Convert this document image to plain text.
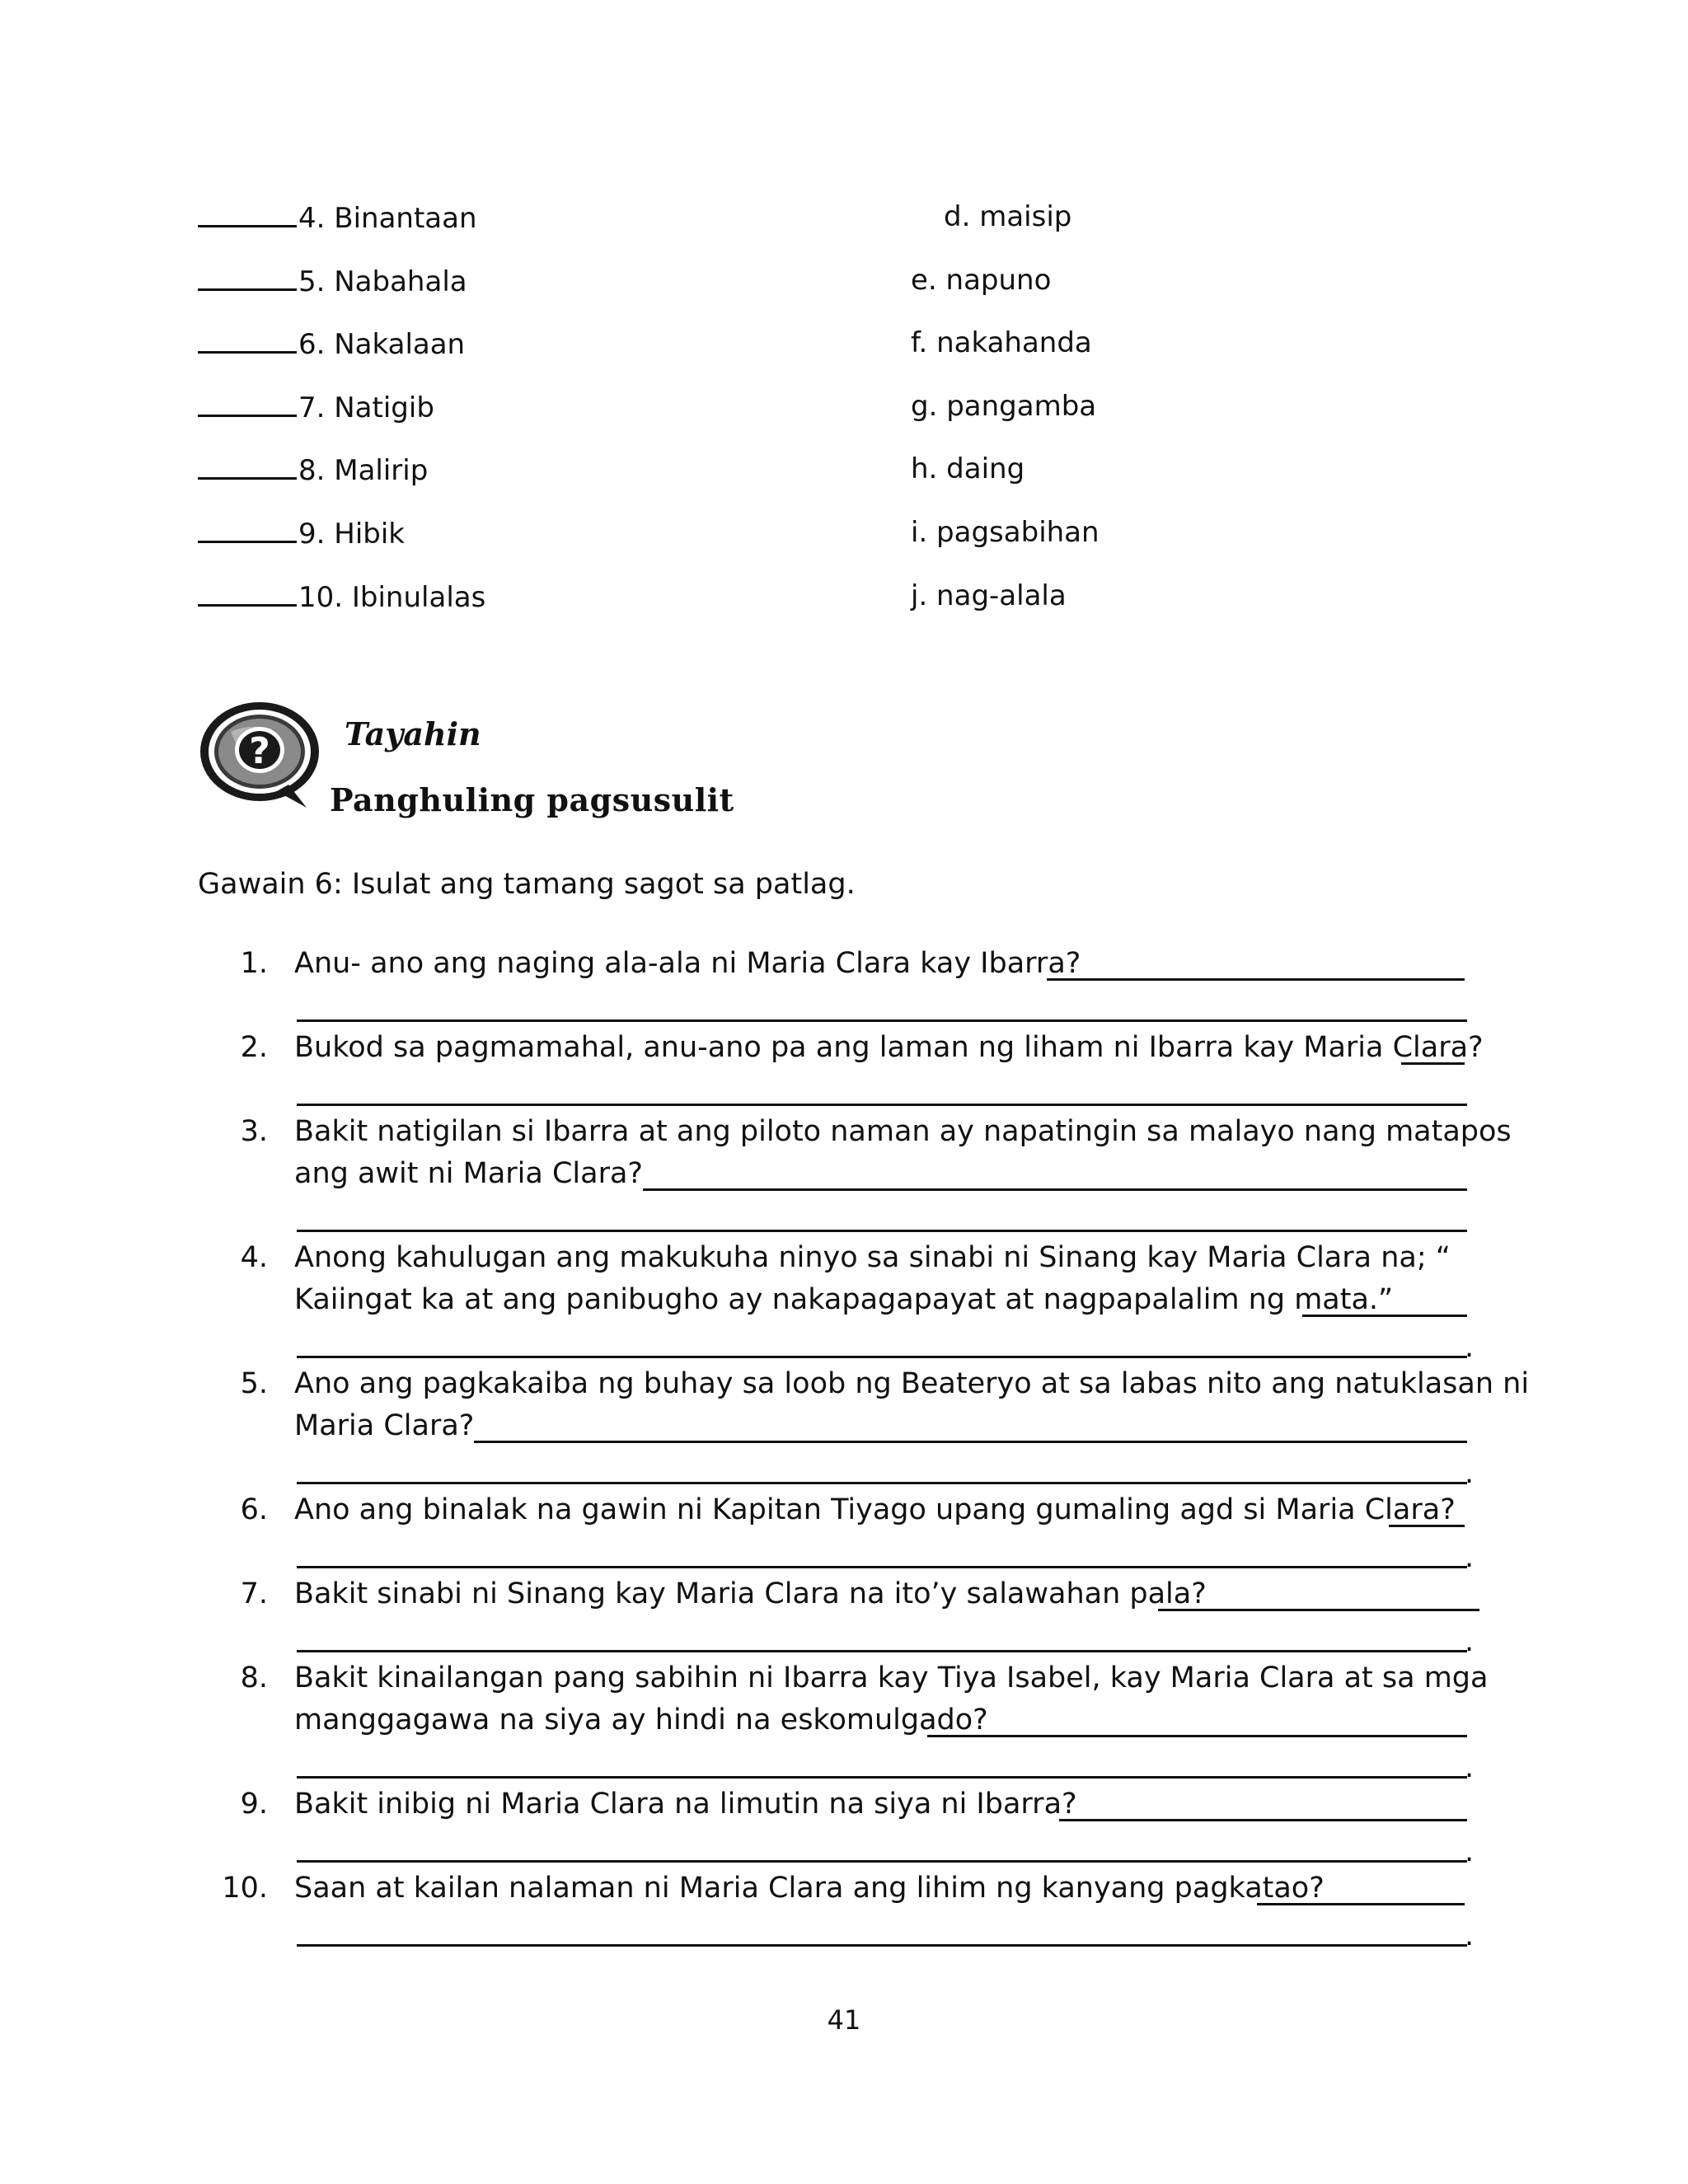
4. Binantaan
5. Nabahala
6. Nakalaan
7. Natigib
8. Malirip
9. Hibik
10. Ibinulalas
d. maisip
e. napuno
f. nakahanda
g. pangamba
h. daing
i. pagsabihan
j. nag-alala
? Tayahin
Panghuling pagsusulit
Gawain 6: Isulat ang tamang sagot sa patlag.
1. Anu- ano ang naging ala-ala ni Maria Clara kay Ibarra?
2. Bukod sa pagmamahal, anu-ano pa ang laman ng liham ni Ibarra kay Maria Clara?
3. Bakit natigilan si Ibarra at ang piloto naman ay napatingin sa malayo nang matapos
ang awit ni Maria Clara?
4. Anong kahulugan ang makukuha ninyo sa sinabi ni Sinang kay Maria Clara na; “
Kaiingat ka at ang panibugho ay nakapagapayat at nagpapalalim ng mata.”
.
5. Ano ang pagkakaiba ng buhay sa loob ng Beateryo at sa labas nito ang natuklasan ni
Maria Clara?
.
6. Ano ang binalak na gawin ni Kapitan Tiyago upang gumaling agd si Maria Clara?
.
7. Bakit sinabi ni Sinang kay Maria Clara na ito’y salawahan pala?
.
8. Bakit kinailangan pang sabihin ni Ibarra kay Tiya Isabel, kay Maria Clara at sa mga
manggagawa na siya ay hindi na eskomulgado?
.
9. Bakit inibig ni Maria Clara na limutin na siya ni Ibarra?
.
10. Saan at kailan nalaman ni Maria Clara ang lihim ng kanyang pagkatao?
.
41
